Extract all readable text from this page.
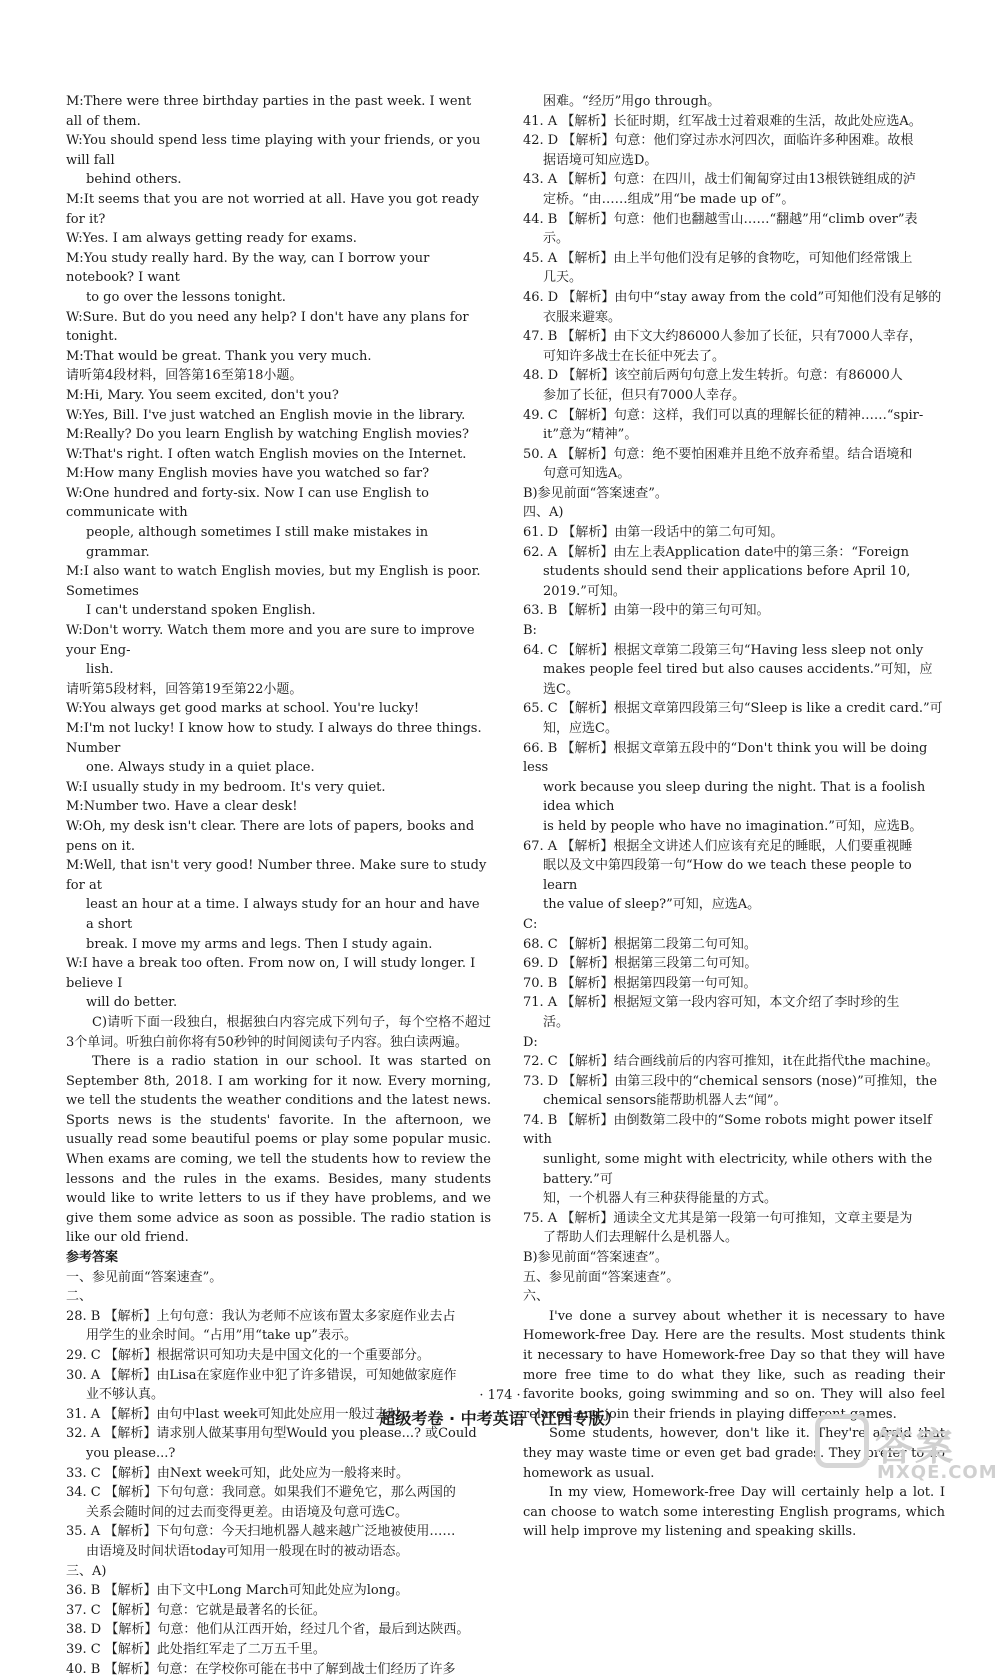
M:There were three birthday parties in the past week. I went all of them.
W:You should spend less time playing with your friends, or you will fall
behind others.
M:It seems that you are not worried at all. Have you got ready for it?
W:Yes. I am always getting ready for exams.
M:You study really hard. By the way, can I borrow your notebook? I want
to go over the lessons tonight.
W:Sure. But do you need any help? I don't have any plans for tonight.
M:That would be great. Thank you very much.
请听第4段材料，回答第16至第18小题。
M:Hi, Mary. You seem excited, don't you?
W:Yes, Bill. I've just watched an English movie in the library.
M:Really? Do you learn English by watching English movies?
W:That's right. I often watch English movies on the Internet.
M:How many English movies have you watched so far?
W:One hundred and forty-six. Now I can use English to communicate with
people, although sometimes I still make mistakes in grammar.
M:I also want to watch English movies, but my English is poor. Sometimes
I can't understand spoken English.
W:Don't worry. Watch them more and you are sure to improve your Eng-
lish.
请听第5段材料，回答第19至第22小题。
W:You always get good marks at school. You're lucky!
M:I'm not lucky! I know how to study. I always do three things. Number
one. Always study in a quiet place.
W:I usually study in my bedroom. It's very quiet.
M:Number two. Have a clear desk!
W:Oh, my desk isn't clear. There are lots of papers, books and pens on it.
M:Well, that isn't very good! Number three. Make sure to study for at
least an hour at a time. I always study for an hour and have a short
break. I move my arms and legs. Then I study again.
W:I have a break too often. From now on, I will study longer. I believe I
will do better.
C)请听下面一段独白，根据独白内容完成下列句子，每个空格不超过3个单词。听独白前你将有50秒钟的时间阅读句子内容。独白读两遍。
There is a radio station in our school. It was started on September 8th, 2018. I am working for it now. Every morning, we tell the students the weather conditions and the latest news. Sports news is the students' favorite. In the afternoon, we usually read some beautiful poems or play some popular music. When exams are coming, we tell the students how to review the lessons and the rules in the exams. Besides, many students would like to write letters to us if they have problems, and we give them some advice as soon as possible. The radio station is like our old friend.
参考答案
一、参见前面“答案速查”。
二、
28. B 【解析】上句句意：我认为老师不应该布置太多家庭作业去占
用学生的业余时间。“占用”用“take up”表示。
29. C 【解析】根据常识可知功夫是中国文化的一个重要部分。
30. A 【解析】由Lisa在家庭作业中犯了许多错误，可知她做家庭作
业不够认真。
31. A 【解析】由句中last week可知此处应用一般过去时。
32. A 【解析】请求别人做某事用句型Would you please...? 或Could
you please...?
33. C 【解析】由Next week可知，此处应为一般将来时。
34. C 【解析】下句句意：我同意。如果我们不避免它，那么两国的
关系会随时间的过去而变得更差。由语境及句意可选C。
35. A 【解析】下句句意：今天扫地机器人越来越广泛地被使用……
由语境及时间状语today可知用一般现在时的被动语态。
三、A)
36. B 【解析】由下文中Long March可知此处应为long。
37. C 【解析】句意：它就是最著名的长征。
38. D 【解析】句意：他们从江西开始，经过几个省，最后到达陕西。
39. C 【解析】此处指红军走了二万五千里。
40. B 【解析】句意：在学校你可能在书中了解到战士们经历了许多
困难。“经历”用go through。
41. A 【解析】长征时期，红军战士过着艰难的生活，故此处应选A。
42. D 【解析】句意：他们穿过赤水河四次，面临许多种困难。故根
据语境可知应选D。
43. A 【解析】句意：在四川，战士们匍匐穿过由13根铁链组成的泸
定桥。“由……组成”用“be made up of”。
44. B 【解析】句意：他们也翻越雪山……“翻越”用“climb over”表
示。
45. A 【解析】由上半句他们没有足够的食物吃，可知他们经常饿上
几天。
46. D 【解析】由句中“stay away from the cold”可知他们没有足够的
衣服来避寒。
47. B 【解析】由下文大约86000人参加了长征，只有7000人幸存，
可知许多战士在长征中死去了。
48. D 【解析】该空前后两句句意上发生转折。句意：有86000人
参加了长征，但只有7000人幸存。
49. C 【解析】句意：这样，我们可以真的理解长征的精神……“spir-
it”意为“精神”。
50. A 【解析】句意：绝不要怕困难并且绝不放弃希望。结合语境和
句意可知选A。
B)参见前面“答案速查”。
四、A)
61. D 【解析】由第一段话中的第二句可知。
62. A 【解析】由左上表Application date中的第三条：“Foreign
students should send their applications before April 10, 2019.”可知。
63. B 【解析】由第一段中的第三句可知。
B:
64. C 【解析】根据文章第二段第三句“Having less sleep not only
makes people feel tired but also causes accidents.”可知，应选C。
65. C 【解析】根据文章第四段第三句“Sleep is like a credit card.”可
知，应选C。
66. B 【解析】根据文章第五段中的“Don't think you will be doing less
work because you sleep during the night. That is a foolish idea which
is held by people who have no imagination.”可知，应选B。
67. A 【解析】根据全文讲述人们应该有充足的睡眠，人们要重视睡
眠以及文中第四段第一句“How do we teach these people to learn
the value of sleep?”可知，应选A。
C:
68. C 【解析】根据第二段第二句可知。
69. D 【解析】根据第三段第二句可知。
70. B 【解析】根据第四段第一句可知。
71. A 【解析】根据短文第一段内容可知，本文介绍了李时珍的生
活。
D:
72. C 【解析】结合画线前后的内容可推知，it在此指代the machine。
73. D 【解析】由第三段中的“chemical sensors (nose)”可推知，the
chemical sensors能帮助机器人去“闻”。
74. B 【解析】由倒数第二段中的“Some robots might power itself with
sunlight, some might with electricity, while others with the battery.”可
知，一个机器人有三种获得能量的方式。
75. A 【解析】通读全文尤其是第一段第一句可推知，文章主要是为
了帮助人们去理解什么是机器人。
B)参见前面“答案速查”。
五、参见前面“答案速查”。
六、
I've done a survey about whether it is necessary to have Homework-free Day. Here are the results. Most students think it necessary to have Homework-free Day so that they will have more free time to do what they like, such as reading their favorite books, going swimming and so on. They will also feel relaxed and join their friends in playing different games.
Some students, however, don't like it. They're afraid that they may waste time or even get bad grades. They prefer to do homework as usual.
In my view, Homework-free Day will certainly help a lot. I can choose to watch some interesting English programs, which will help improve my listening and speaking skills.
· 174 ·
超级考卷 · 中考英语（江西专版）
答案
MXQE.COM
